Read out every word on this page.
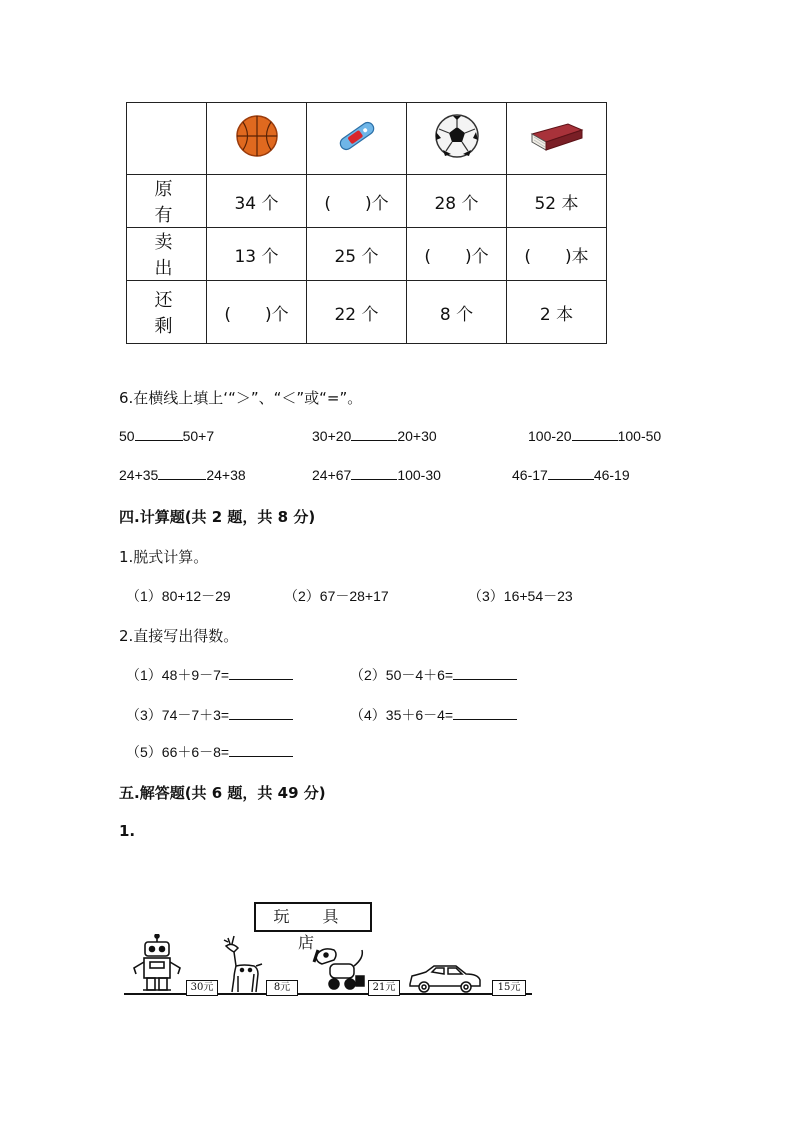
原 有	34 个	(　　)个	28 个	52 本
卖 出	13 个	25 个	(　　)个	(　　)本
还 剩	(　　)个	22 个	8 个	2 本
6.在横线上填上‘“＞”、“＜”或“=”。
50	50+7	30+20	20+30	100-20	100-50
24+35	24+38	24+67	100-30	46-17	46-19
四.计算题(共 2 题，共 8 分)
1.脱式计算。
（1）80+12－29	（2）67－28+17	（3）16+54－23
2.直接写出得数。
（1）48＋9－7=	（2）50－4＋6=
（3）74－7＋3=	（4）35＋6－4=
（5）66＋6－8=
五.解答题(共 6 题，共 49 分)
1.
玩 具 店
30元	8元	21元	15元
